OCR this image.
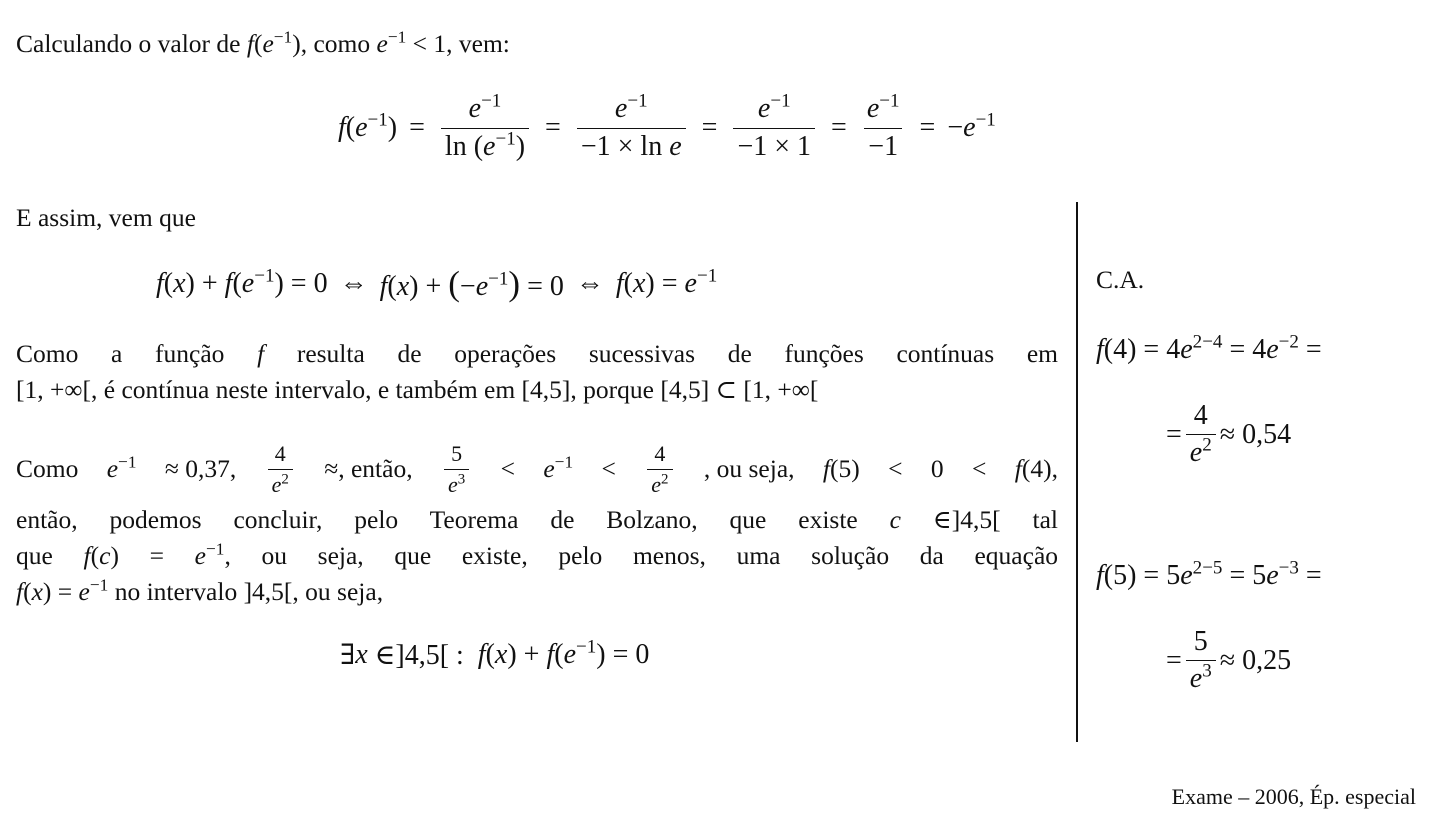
Calculando o valor de $f(e^{-1})$, como $e^{-1} < 1$, vem:
$f(e^{-1}) = \frac{e^{-1}}{\ln (e^{-1})} = \frac{e^{-1}}{\text{−1 × ln e}} = \frac{e^{-1}}{-1 \times 1} = \frac{e^{-1}}{-1} = -e^{-1}$
E assim, vem que
$f(x) + f(e^{-1}) = 0$ ⇔ $f(x) + (-e^{-1}) = 0$ ⇔ $f(x) = e^{-1}$
Como a função f resulta de operações sucessivas de funções contínuas em
[1, +∞[, é contínua neste intervalo, e também em [4,5], porque [4,5] ⊂ [1, +∞[
Como $e^{-1} \approx 0,37$, $\frac{4}{e^2}$ ≈, então, $\frac{5}{e^3} < e^{-1} < \frac{4}{e^2}$ , ou seja, f(5) < 0 < f(4),
então, podemos concluir, pelo Teorema de Bolzano, que existe c ∈]4,5[ tal
que $f(c) = e^{-1}$, ou seja, que existe, pelo menos, uma solução da equação
$f(x) = e^{-1}$ no intervalo ]4,5[, ou seja,
∃ x
∈]4,5[ :
$f(x) + f(e^{-1}) = 0$
C.A.
$f(4) = 4e^{2-4} = 4e^{-2}$ =
= $\frac{4}{e^2} \approx 0,54$
$f(5) = 5e^{2-5} = 5e^{-3}$ =
= $\frac{5}{e^3} \approx 0,25$
Exame – 2006, Ép. especial
